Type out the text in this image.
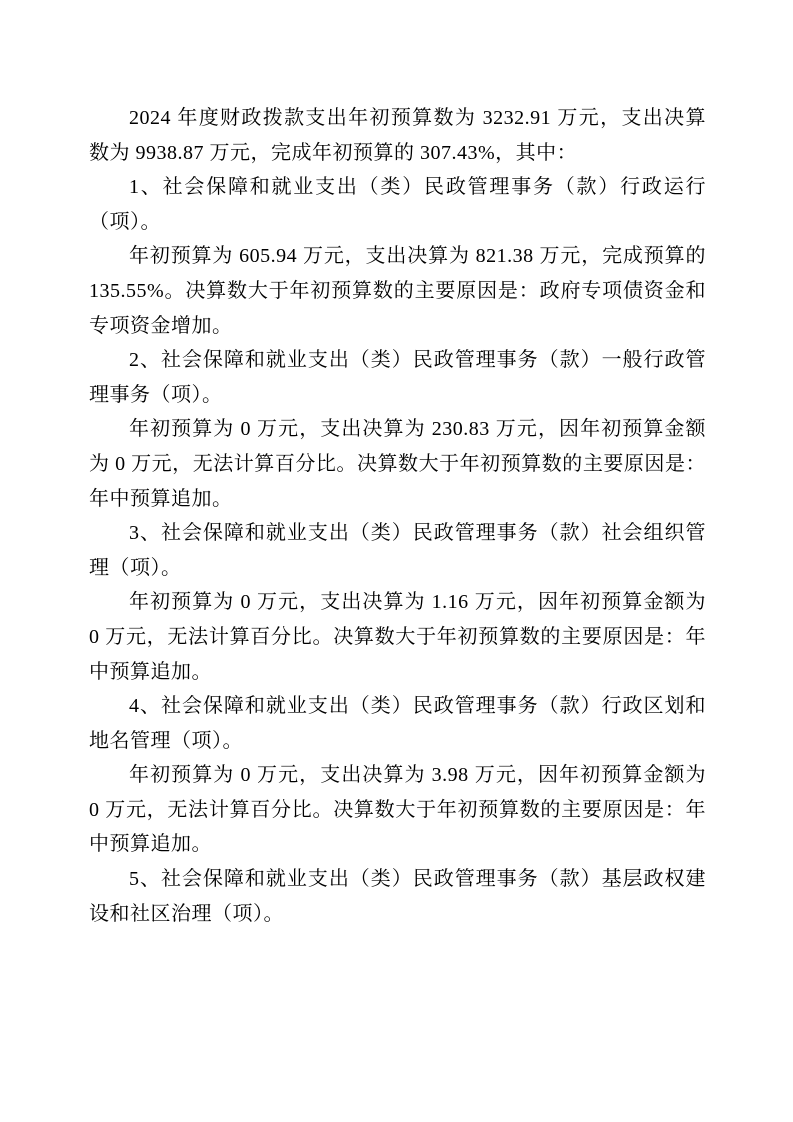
2024 年度财政拨款支出年初预算数为 3232.91 万元，支出决算数为 9938.87 万元，完成年初预算的 307.43%，其中：

1、社会保障和就业支出（类）民政管理事务（款）行政运行（项）。

年初预算为 605.94 万元，支出决算为 821.38 万元，完成预算的 135.55%。决算数大于年初预算数的主要原因是：政府专项债资金和专项资金增加。

2、社会保障和就业支出（类）民政管理事务（款）一般行政管理事务（项）。

年初预算为 0 万元，支出决算为 230.83 万元，因年初预算金额为 0 万元，无法计算百分比。决算数大于年初预算数的主要原因是：年中预算追加。

3、社会保障和就业支出（类）民政管理事务（款）社会组织管理（项）。

年初预算为 0 万元，支出决算为 1.16 万元，因年初预算金额为 0 万元，无法计算百分比。决算数大于年初预算数的主要原因是：年中预算追加。

4、社会保障和就业支出（类）民政管理事务（款）行政区划和地名管理（项）。

年初预算为 0 万元，支出决算为 3.98 万元，因年初预算金额为 0 万元，无法计算百分比。决算数大于年初预算数的主要原因是：年中预算追加。

5、社会保障和就业支出（类）民政管理事务（款）基层政权建设和社区治理（项）。
